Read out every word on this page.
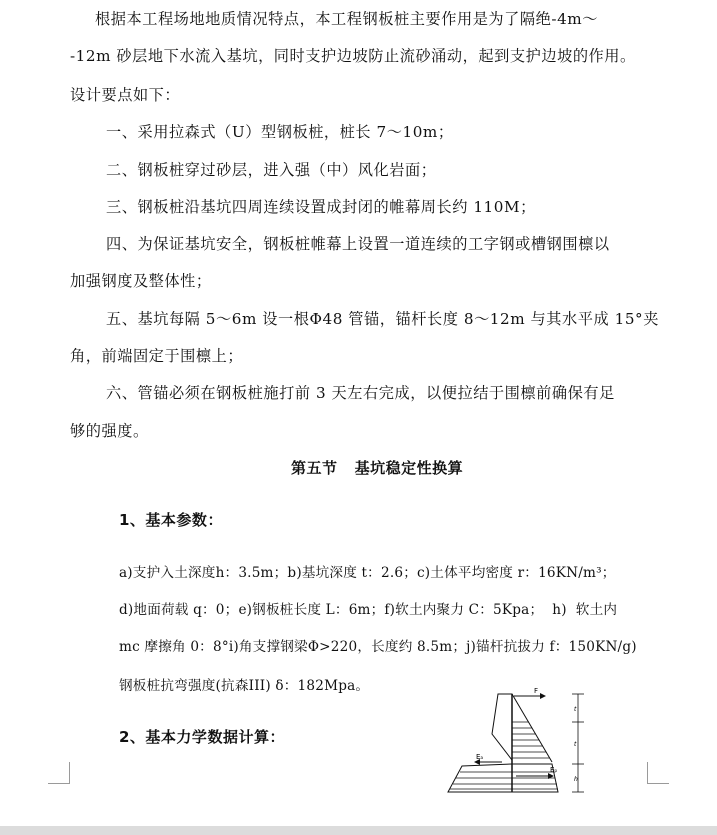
根据本工程场地地质情况特点，本工程钢板桩主要作用是为了隔绝-4m～
-12m 砂层地下水流入基坑，同时支护边坡防止流砂涌动，起到支护边坡的作用。
设计要点如下：
一、采用拉森式（U）型钢板桩，桩长 7～10m；
二、钢板桩穿过砂层，进入强（中）风化岩面；
三、钢板桩沿基坑四周连续设置成封闭的帷幕周长约 110M；
四、为保证基坑安全，钢板桩帷幕上设置一道连续的工字钢或槽钢围檩以
加强钢度及整体性；
五、基坑每隔 5～6m 设一根Φ48 管锚，锚杆长度 8～12m 与其水平成 15°夹
角，前端固定于围檩上；
六、管锚必须在钢板桩施打前 3 天左右完成，以便拉结于围檩前确保有足
够的强度。
第五节   基坑稳定性换算
1、基本参数：
a)支护入土深度h：3.5m；b)基坑深度 t：2.6；c)土体平均密度 r：16KN/m³；
d)地面荷载 q：0；e)钢板桩长度 L：6m；f)软土内聚力 C：5Kpa；  h)  软土内
mc 摩擦角 0：8°i)角支撑钢梁Φ>220，长度约 8.5m；j)锚杆抗拔力 f：150KN/g)
钢板桩抗弯强度(抗森III) δ：182Mpa。
2、基本力学数据计算：
F
Eₐ
Eₚ
t
t
h
